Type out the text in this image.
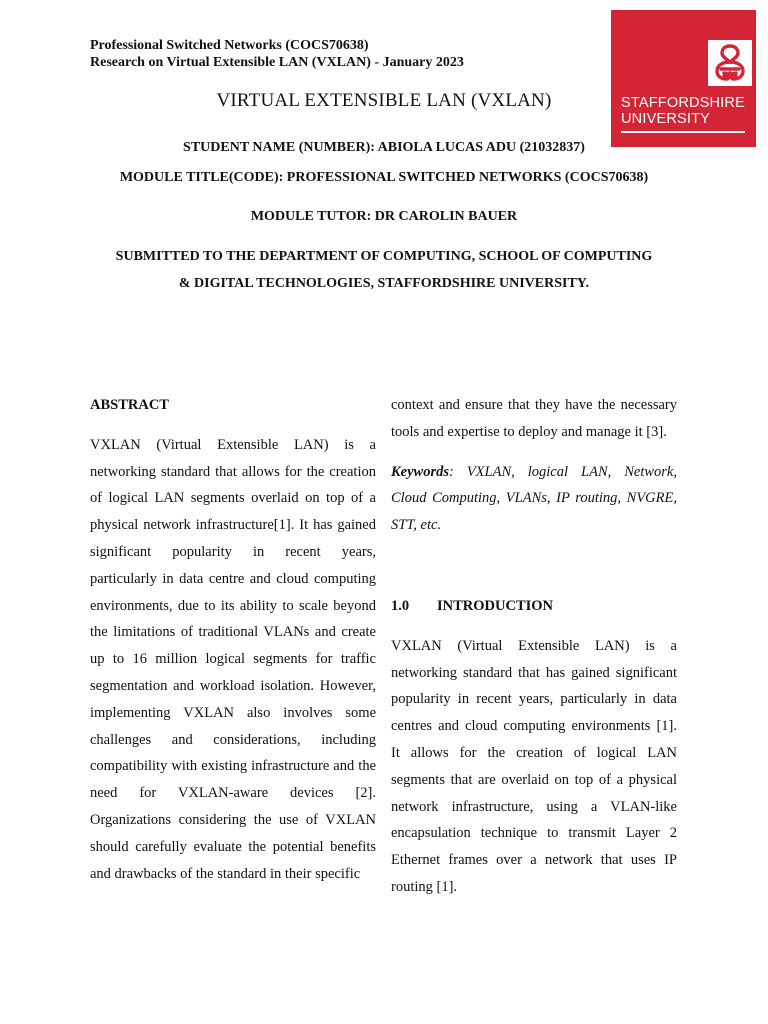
Professional Switched Networks (COCS70638)
Research on Virtual Extensible LAN (VXLAN) - January 2023
STAFFORDSHIRE
UNIVERSITY
VIRTUAL EXTENSIBLE LAN (VXLAN)
STUDENT NAME (NUMBER): ABIOLA LUCAS ADU (21032837)
MODULE TITLE(CODE): PROFESSIONAL SWITCHED NETWORKS (COCS70638)
MODULE TUTOR: DR CAROLIN BAUER
SUBMITTED TO THE DEPARTMENT OF COMPUTING, SCHOOL OF COMPUTING
& DIGITAL TECHNOLOGIES, STAFFORDSHIRE UNIVERSITY.

ABSTRACT

VXLAN (Virtual Extensible LAN) is a networking standard that allows for the creation of logical LAN segments overlaid on top of a physical network infrastructure[1]. It has gained significant popularity in recent years, particularly in data centre and cloud computing environments, due to its ability to scale beyond the limitations of traditional VLANs and create up to 16 million logical segments for traffic segmentation and workload isolation. However, implementing VXLAN also involves some challenges and considerations, including compatibility with existing infrastructure and the need for VXLAN-aware devices [2]. Organizations considering the use of VXLAN should carefully evaluate the potential benefits and drawbacks of the standard in their specific

context and ensure that they have the necessary tools and expertise to deploy and manage it [3].

Keywords: VXLAN, logical LAN, Network, Cloud Computing, VLANs, IP routing, NVGRE, STT, etc.

1.0	INTRODUCTION

VXLAN (Virtual Extensible LAN) is a networking standard that has gained significant popularity in recent years, particularly in data centres and cloud computing environments [1]. It allows for the creation of logical LAN segments that are overlaid on top of a physical network infrastructure, using a VLAN-like encapsulation technique to transmit Layer 2 Ethernet frames over a network that uses IP routing [1].
